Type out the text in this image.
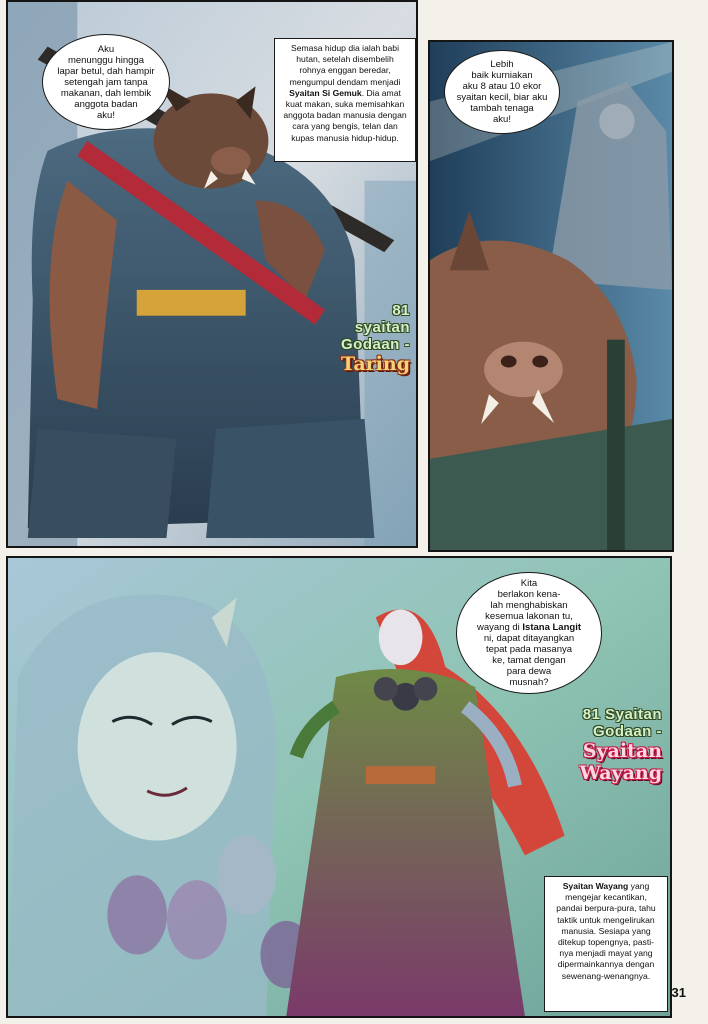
Aku
menunggu hingga
lapar betul, dah hampir
setengah jam tanpa
makanan, dah lembik
anggota badan
aku!
Semasa hidup dia ialah babi
hutan, setelah disembelih
rohnya enggan beredar,
mengumpul dendam menjadi
Syaitan Si Gemuk. Dia amat
kuat makan, suka memisahkan
anggota badan manusia dengan
cara yang bengis, telan dan
kupas manusia hidup-hidup.
81
syaitan
Godaan -
Taring
Lebih
baik kurniakan
aku 8 atau 10 ekor
syaitan kecil, biar aku
tambah tenaga
aku!
Kita
berlakon kena-
lah menghabiskan
kesemua lakonan tu,
wayang di Istana Langit
ni, dapat ditayangkan
tepat pada masanya
ke, tamat dengan
para dewa
musnah?
81 Syaitan
Godaan -
Syaitan
Wayang
Syaitan Wayang yang
mengejar kecantikan,
pandai berpura-pura, tahu
taktik untuk mengelirukan
manusia. Sesiapa yang
ditekup topengnya, pasti-
nya menjadi mayat yang
dipermainkannya dengan
sewenang-wenangnya.
31
